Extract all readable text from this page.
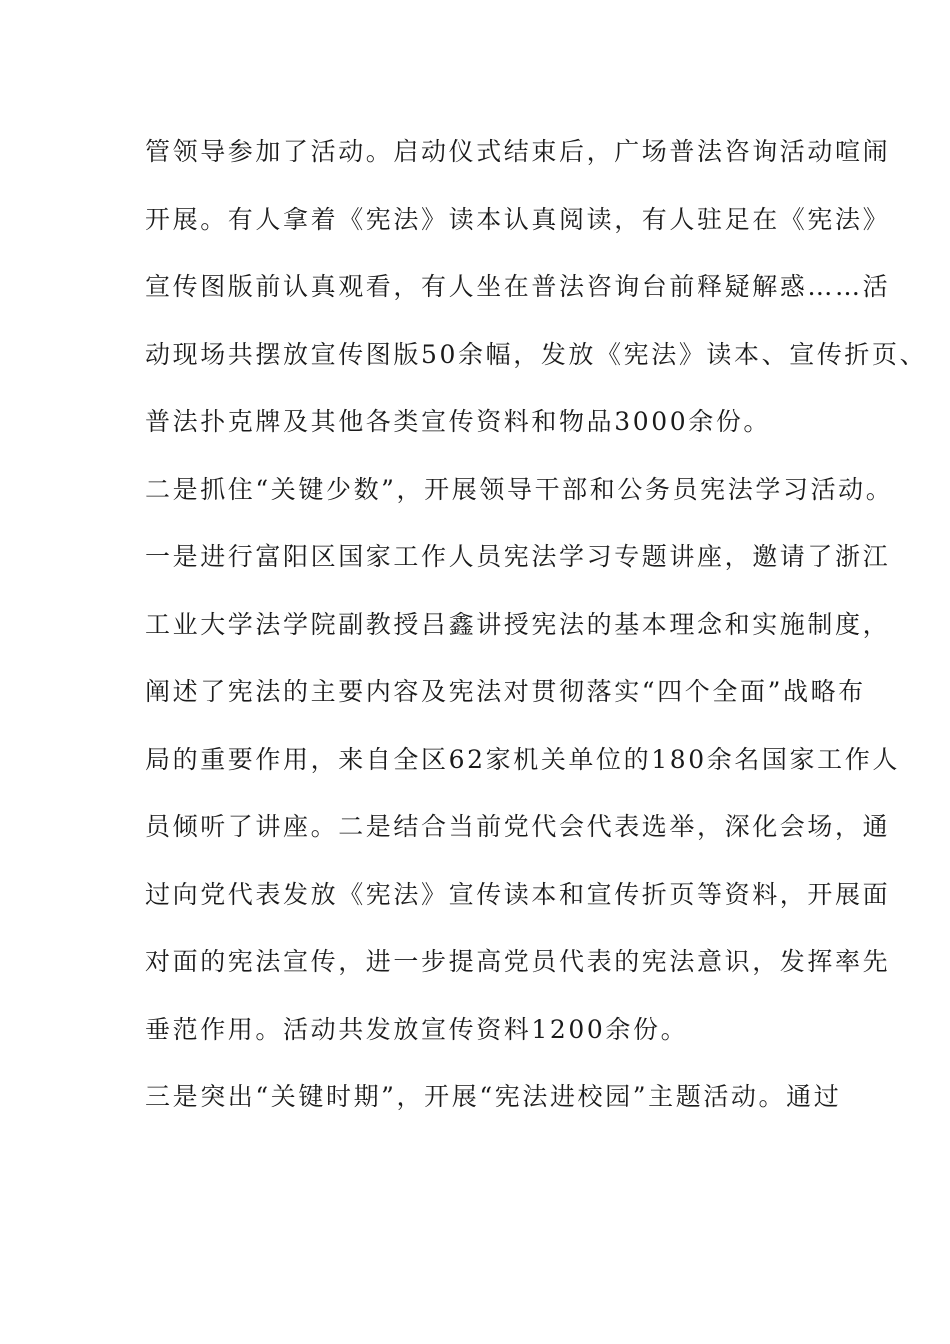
管领导参加了活动。启动仪式结束后，广场普法咨询活动喧闹

开展。有人拿着《宪法》读本认真阅读，有人驻足在《宪法》

宣传图版前认真观看，有人坐在普法咨询台前释疑解惑……活

动现场共摆放宣传图版50余幅，发放《宪法》读本、宣传折页、

普法扑克牌及其他各类宣传资料和物品3000余份。

二是抓住“关键少数”，开展领导干部和公务员宪法学习活动。

一是进行富阳区国家工作人员宪法学习专题讲座，邀请了浙江

工业大学法学院副教授吕鑫讲授宪法的基本理念和实施制度，

阐述了宪法的主要内容及宪法对贯彻落实“四个全面”战略布

局的重要作用，来自全区62家机关单位的180余名国家工作人

员倾听了讲座。二是结合当前党代会代表选举，深化会场，通

过向党代表发放《宪法》宣传读本和宣传折页等资料，开展面

对面的宪法宣传，进一步提高党员代表的宪法意识，发挥率先

垂范作用。活动共发放宣传资料1200余份。

三是突出“关键时期”，开展“宪法进校园”主题活动。通过
